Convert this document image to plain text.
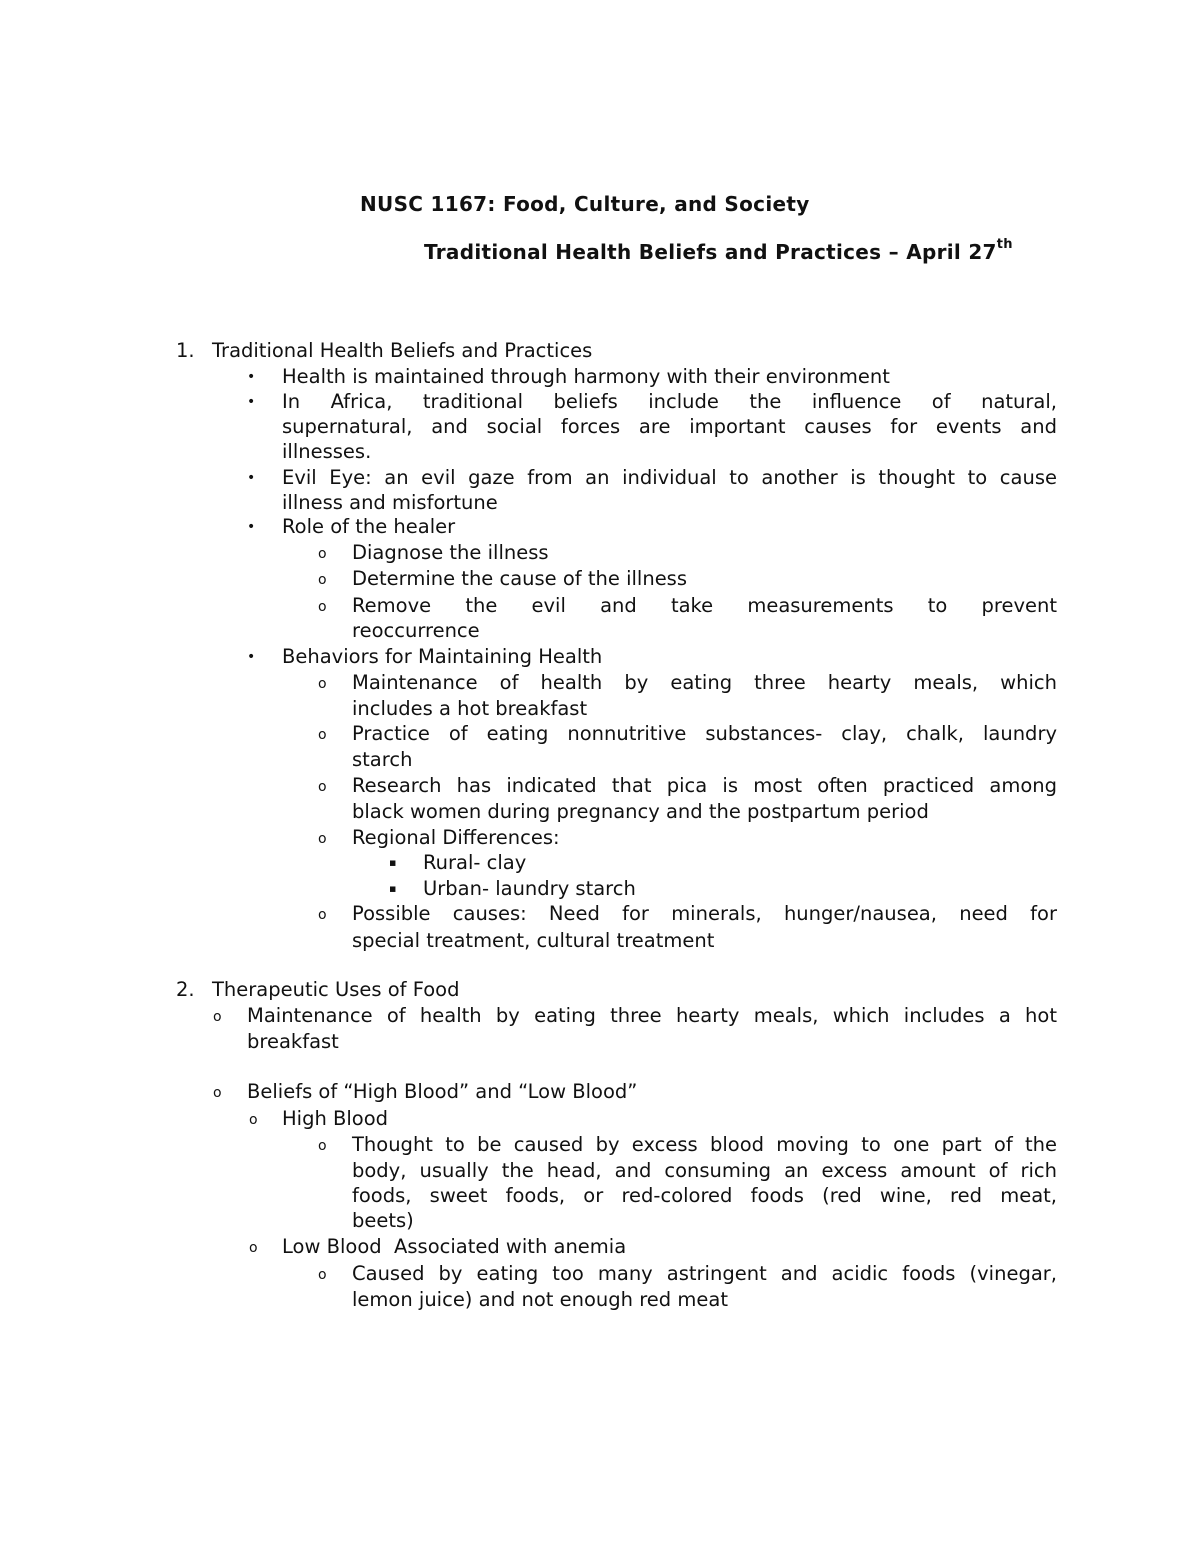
NUSC 1167: Food, Culture, and Society
Traditional Health Beliefs and Practices – April 27th
1. Traditional Health Beliefs and Practices
• Health is maintained through harmony with their environment
• In Africa, traditional beliefs include the influence of natural,
supernatural, and social forces are important causes for events and
illnesses.
• Evil Eye: an evil gaze from an individual to another is thought to cause
illness and misfortune
• Role of the healer
o Diagnose the illness
o Determine the cause of the illness
o Remove the evil and take measurements to prevent
reoccurrence
• Behaviors for Maintaining Health
o Maintenance of health by eating three hearty meals, which
includes a hot breakfast
o Practice of eating nonnutritive substances- clay, chalk, laundry
starch
o Research has indicated that pica is most often practiced among
black women during pregnancy and the postpartum period
o Regional Differences:
▪ Rural- clay
▪ Urban- laundry starch
o Possible causes: Need for minerals, hunger/nausea, need for
special treatment, cultural treatment
2. Therapeutic Uses of Food
o Maintenance of health by eating three hearty meals, which includes a hot
breakfast
o Beliefs of “High Blood” and “Low Blood”
o High Blood
o Thought to be caused by excess blood moving to one part of the
body, usually the head, and consuming an excess amount of rich
foods, sweet foods, or red-colored foods (red wine, red meat,
beets)
o Low Blood  Associated with anemia
o Caused by eating too many astringent and acidic foods (vinegar,
lemon juice) and not enough red meat
